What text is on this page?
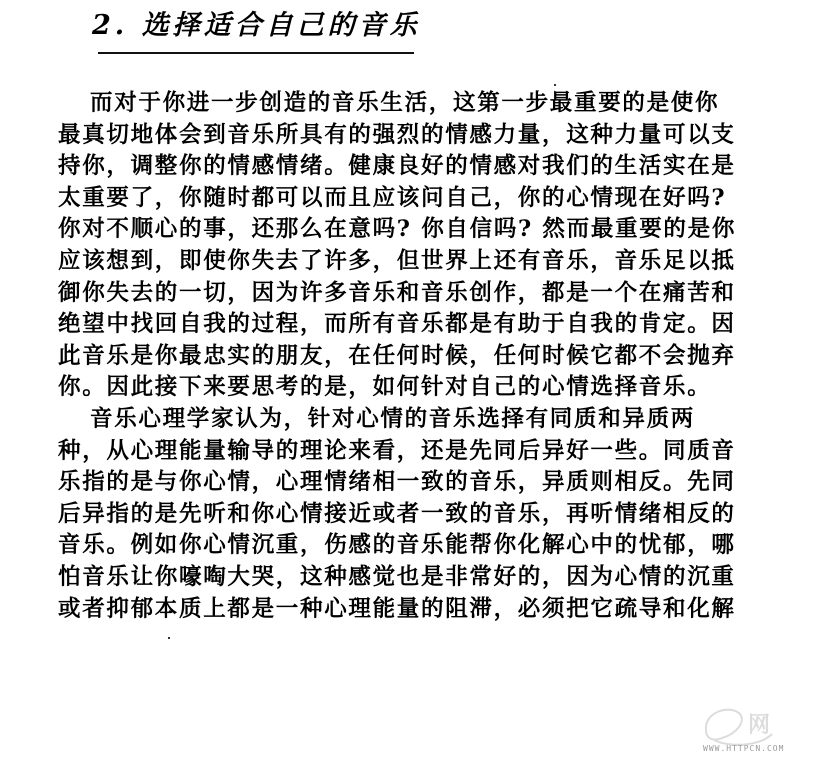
2. 选择适合自己的音乐
而对于你进一步创造的音乐生活，这第一步最重要的是使你
最真切地体会到音乐所具有的强烈的情感力量，这种力量可以支
持你，调整你的情感情绪。健康良好的情感对我们的生活实在是
太重要了，你随时都可以而且应该问自己，你的心情现在好吗?
你对不顺心的事，还那么在意吗? 你自信吗? 然而最重要的是你
应该想到，即使你失去了许多，但世界上还有音乐，音乐足以抵
御你失去的一切，因为许多音乐和音乐创作，都是一个在痛苦和
绝望中找回自我的过程，而所有音乐都是有助于自我的肯定。因
此音乐是你最忠实的朋友，在任何时候，任何时候它都不会抛弃
你。因此接下来要思考的是，如何针对自己的心情选择音乐。
音乐心理学家认为，针对心情的音乐选择有同质和异质两
种，从心理能量输导的理论来看，还是先同后异好一些。同质音
乐指的是与你心情，心理情绪相一致的音乐，异质则相反。先同
后异指的是先听和你心情接近或者一致的音乐，再听情绪相反的
音乐。例如你心情沉重，伤感的音乐能帮你化解心中的忧郁，哪
怕音乐让你嚎啕大哭，这种感觉也是非常好的，因为心情的沉重
或者抑郁本质上都是一种心理能量的阻滞，必须把它疏导和化解
网
WWW.HTTPCN.COM
